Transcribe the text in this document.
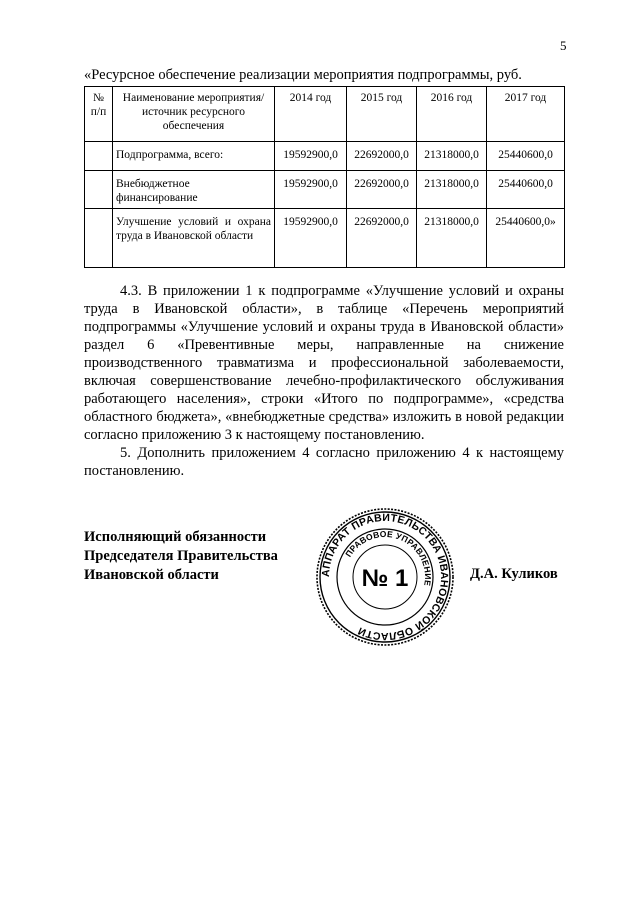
5
«Ресурсное обеспечение реализации мероприятия подпрограммы, руб.
№ п/п	Наименование мероприятия/источник ресурсного обеспечения	2014 год	2015 год	2016 год	2017 год
	Подпрограмма, всего:	19592900,0	22692000,0	21318000,0	25440600,0
	Внебюджетное финансирование	19592900,0	22692000,0	21318000,0	25440600,0
	Улучшение условий и охрана труда в Ивановской области	19592900,0	22692000,0	21318000,0	25440600,0»

4.3. В приложении 1 к подпрограмме «Улучшение условий и охраны труда в Ивановской области», в таблице «Перечень мероприятий подпрограммы «Улучшение условий и охраны труда в Ивановской области» раздел 6 «Превентивные меры, направленные на снижение производственного травматизма и профессиональной заболеваемости, включая совершенствование лечебно-профилактического обслуживания работающего населения», строки «Итого по подпрограмме», «средства областного бюджета», «внебюджетные средства» изложить в новой редакции согласно приложению 3 к настоящему постановлению.

5. Дополнить приложением 4 согласно приложению 4 к настоящему постановлению.

Исполняющий обязанности
Председателя Правительства
Ивановской области	АППАРАТ ПРАВИТЕЛЬСТВА ИВАНОВСКОЙ ОБЛАСТИ
ПРАВОВОЕ УПРАВЛЕНИЕ
№ 1	Д.А. Куликов
